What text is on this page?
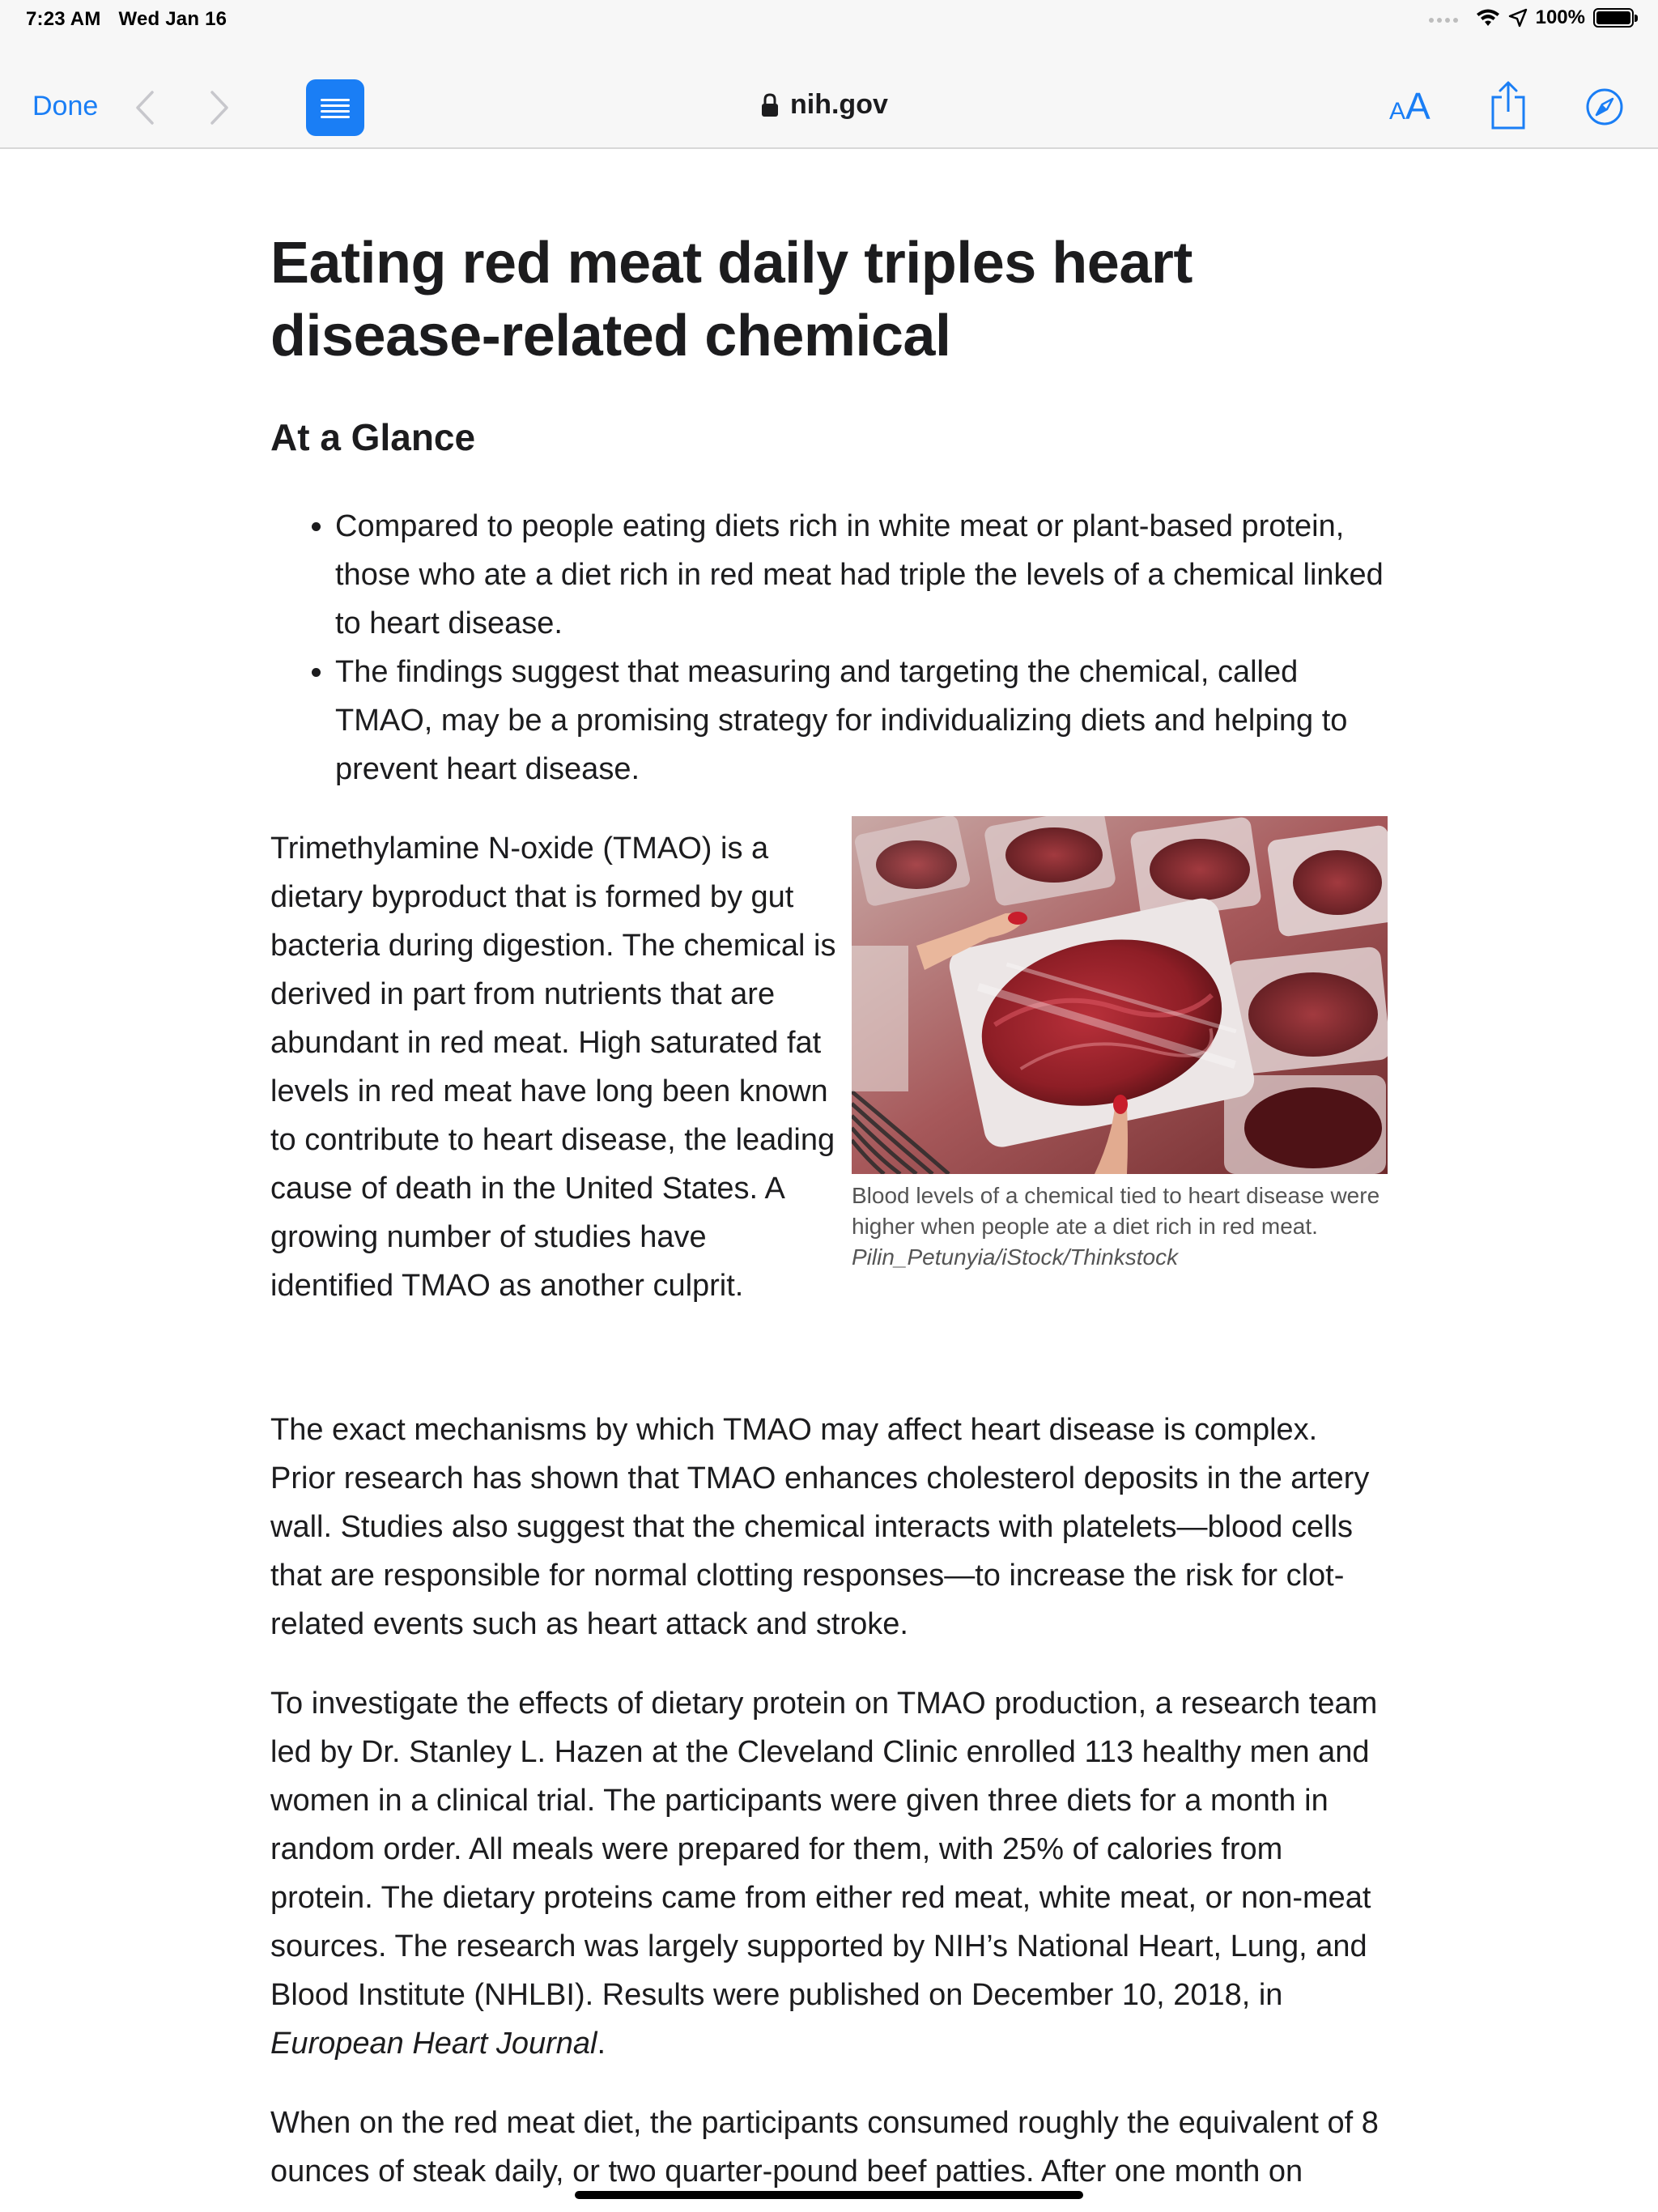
7:23 AM Wed Jan 16	100%
Done	nih.gov	AA
Eating red meat daily triples heart disease-related chemical
At a Glance
• Compared to people eating diets rich in white meat or plant-based protein, those who ate a diet rich in red meat had triple the levels of a chemical linked to heart disease.
• The findings suggest that measuring and targeting the chemical, called TMAO, may be a promising strategy for individualizing diets and helping to prevent heart disease.

Trimethylamine N-oxide (TMAO) is a dietary byproduct that is formed by gut bacteria during digestion. The chemical is derived in part from nutrients that are abundant in red meat. High saturated fat levels in red meat have long been known to contribute to heart disease, the leading cause of death in the United States. A growing number of studies have identified TMAO as another culprit.

Blood levels of a chemical tied to heart disease were higher when people ate a diet rich in red meat. Pilin_Petunyia/iStock/Thinkstock

The exact mechanisms by which TMAO may affect heart disease is complex. Prior research has shown that TMAO enhances cholesterol deposits in the artery wall. Studies also suggest that the chemical interacts with platelets—blood cells that are responsible for normal clotting responses—to increase the risk for clot-related events such as heart attack and stroke.

To investigate the effects of dietary protein on TMAO production, a research team led by Dr. Stanley L. Hazen at the Cleveland Clinic enrolled 113 healthy men and women in a clinical trial. The participants were given three diets for a month in random order. All meals were prepared for them, with 25% of calories from protein. The dietary proteins came from either red meat, white meat, or non-meat sources. The research was largely supported by NIH’s National Heart, Lung, and Blood Institute (NHLBI). Results were published on December 10, 2018, in European Heart Journal.

When on the red meat diet, the participants consumed roughly the equivalent of 8 ounces of steak daily, or two quarter-pound beef patties. After one month on
